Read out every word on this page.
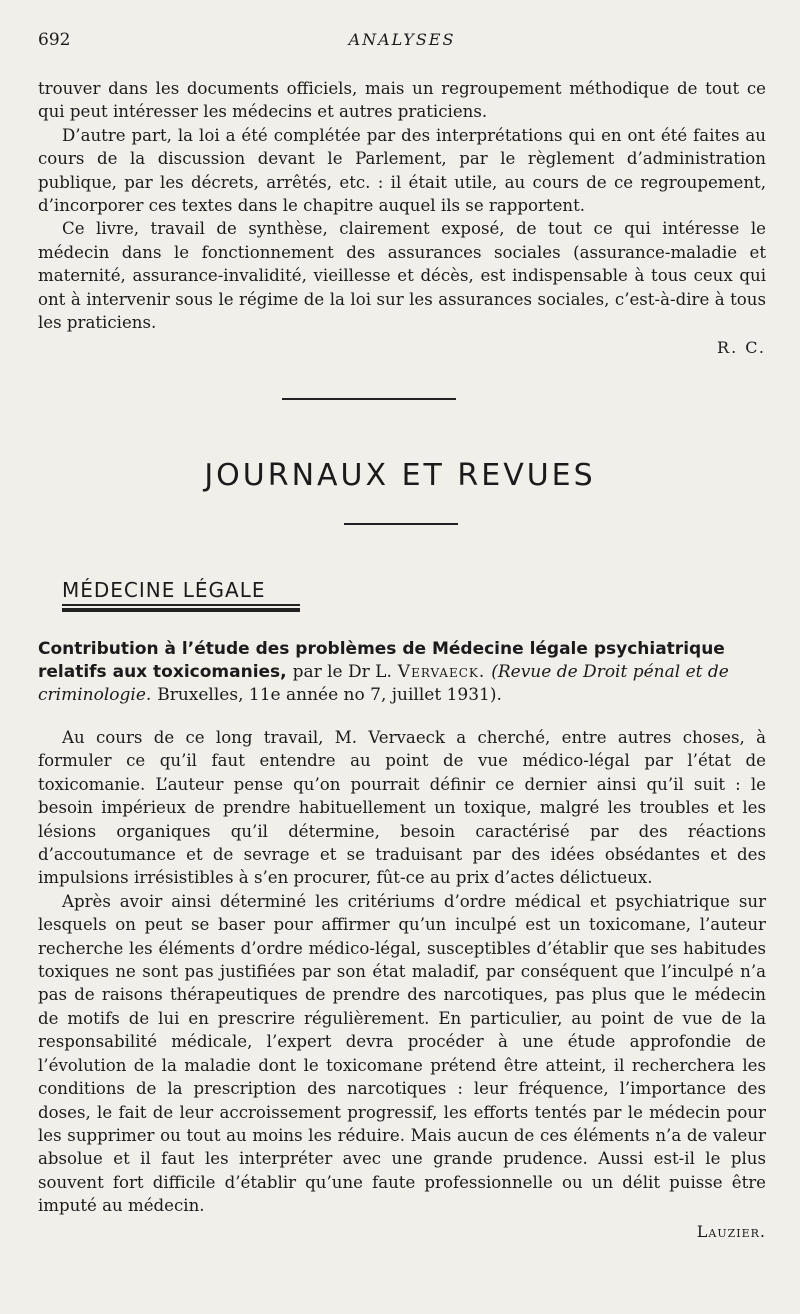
692	ANALYSES

trouver dans les documents officiels, mais un regroupement méthodique de tout ce qui peut intéresser les médecins et autres praticiens.

D’autre part, la loi a été complétée par des interprétations qui en ont été faites au cours de la discussion devant le Parlement, par le règlement d’administration publique, par les décrets, arrêtés, etc. : il était utile, au cours de ce regroupement, d’incorporer ces textes dans le chapitre auquel ils se rapportent.

Ce livre, travail de synthèse, clairement exposé, de tout ce qui intéresse le médecin dans le fonctionnement des assurances sociales (assurance-maladie et maternité, assurance-invalidité, vieillesse et décès, est indispensable à tous ceux qui ont à intervenir sous le régime de la loi sur les assurances sociales, c’est-à-dire à tous les praticiens.

R. C.
JOURNAUX ET REVUES
MÉDECINE LÉGALE
Contribution à l’étude des problèmes de Médecine légale psychiatrique relatifs aux toxicomanies, par le Dr L. Vervaeck. (Revue de Droit pénal et de criminologie. Bruxelles, 11e année no 7, juillet 1931).

Au cours de ce long travail, M. Vervaeck a cherché, entre autres choses, à formuler ce qu’il faut entendre au point de vue médico-légal par l’état de toxicomanie. L’auteur pense qu’on pourrait définir ce dernier ainsi qu’il suit : le besoin impérieux de prendre habituellement un toxique, malgré les troubles et les lésions organiques qu’il détermine, besoin caractérisé par des réactions d’accoutumance et de sevrage et se traduisant par des idées obsédantes et des impulsions irrésistibles à s’en procurer, fût-ce au prix d’actes délictueux.

Après avoir ainsi déterminé les critériums d’ordre médical et psychiatrique sur lesquels on peut se baser pour affirmer qu’un inculpé est un toxicomane, l’auteur recherche les éléments d’ordre médico-légal, susceptibles d’établir que ses habitudes toxiques ne sont pas justifiées par son état maladif, par conséquent que l’inculpé n’a pas de raisons thérapeutiques de prendre des narcotiques, pas plus que le médecin de motifs de lui en prescrire régulièrement. En particulier, au point de vue de la responsabilité médicale, l’expert devra procéder à une étude approfondie de l’évolution de la maladie dont le toxicomane prétend être atteint, il recherchera les conditions de la prescription des narcotiques : leur fréquence, l’importance des doses, le fait de leur accroissement progressif, les efforts tentés par le médecin pour les supprimer ou tout au moins les réduire. Mais aucun de ces éléments n’a de valeur absolue et il faut les interpréter avec une grande prudence. Aussi est-il le plus souvent fort difficile d’établir qu’une faute professionnelle ou un délit puisse être imputé au médecin.

Lauzier.
